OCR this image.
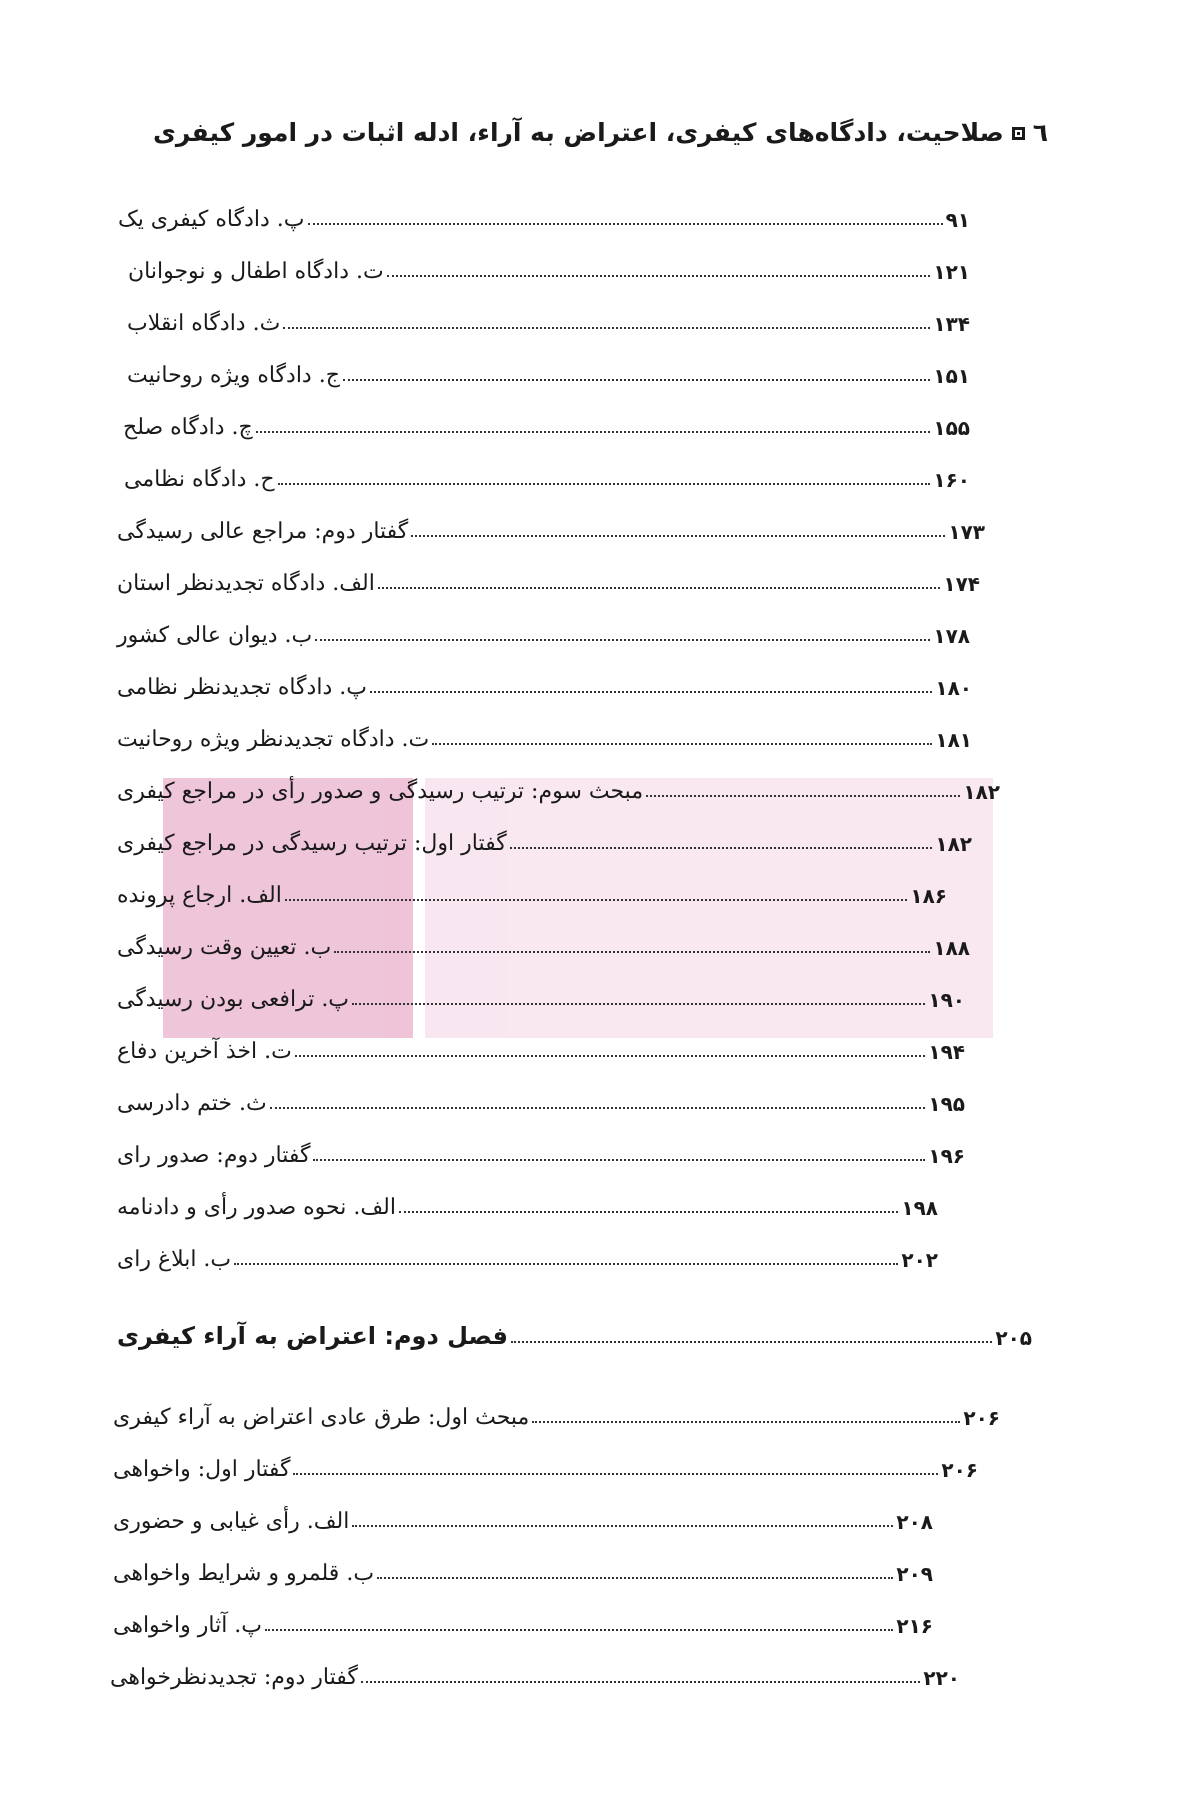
٦صلاحیت، دادگاه‌های کیفری، اعتراض به آراء، ادله اثبات در امور کیفری
پ. دادگاه کیفری یک	۹۱
ت. دادگاه اطفال و نوجوانان	۱۲۱
ث. دادگاه انقلاب	۱۳۴
ج. دادگاه ویژه روحانیت	۱۵۱
چ. دادگاه صلح	۱۵۵
ح. دادگاه نظامی	۱۶۰
گفتار دوم: مراجع عالی رسیدگی	۱۷۳
الف. دادگاه تجدیدنظر استان	۱۷۴
ب. دیوان عالی کشور	۱۷۸
پ. دادگاه تجدیدنظر نظامی	۱۸۰
ت. دادگاه تجدیدنظر ویژه روحانیت	۱۸۱
مبحث سوم: ترتیب رسیدگی و صدور رأی در مراجع کیفری	۱۸۲
گفتار اول: ترتیب رسیدگی در مراجع کیفری	۱۸۲
الف. ارجاع پرونده	۱۸۶
ب. تعیین وقت رسیدگی	۱۸۸
پ. ترافعی بودن رسیدگی	۱۹۰
ت. اخذ آخرین دفاع	۱۹۴
ث. ختم دادرسی	۱۹۵
گفتار دوم: صدور رای	۱۹۶
الف. نحوه صدور رأی و دادنامه	۱۹۸
ب. ابلاغ رای	۲۰۲
فصل دوم: اعتراض به آراء کیفری	۲۰۵
مبحث اول: طرق عادی اعتراض به آراء کیفری	۲۰۶
گفتار اول: واخواهی	۲۰۶
الف. رأی غیابی و حضوری	۲۰۸
ب. قلمرو و شرایط واخواهی	۲۰۹
پ. آثار واخواهی	۲۱۶
گفتار دوم: تجدیدنظرخواهی	۲۲۰
